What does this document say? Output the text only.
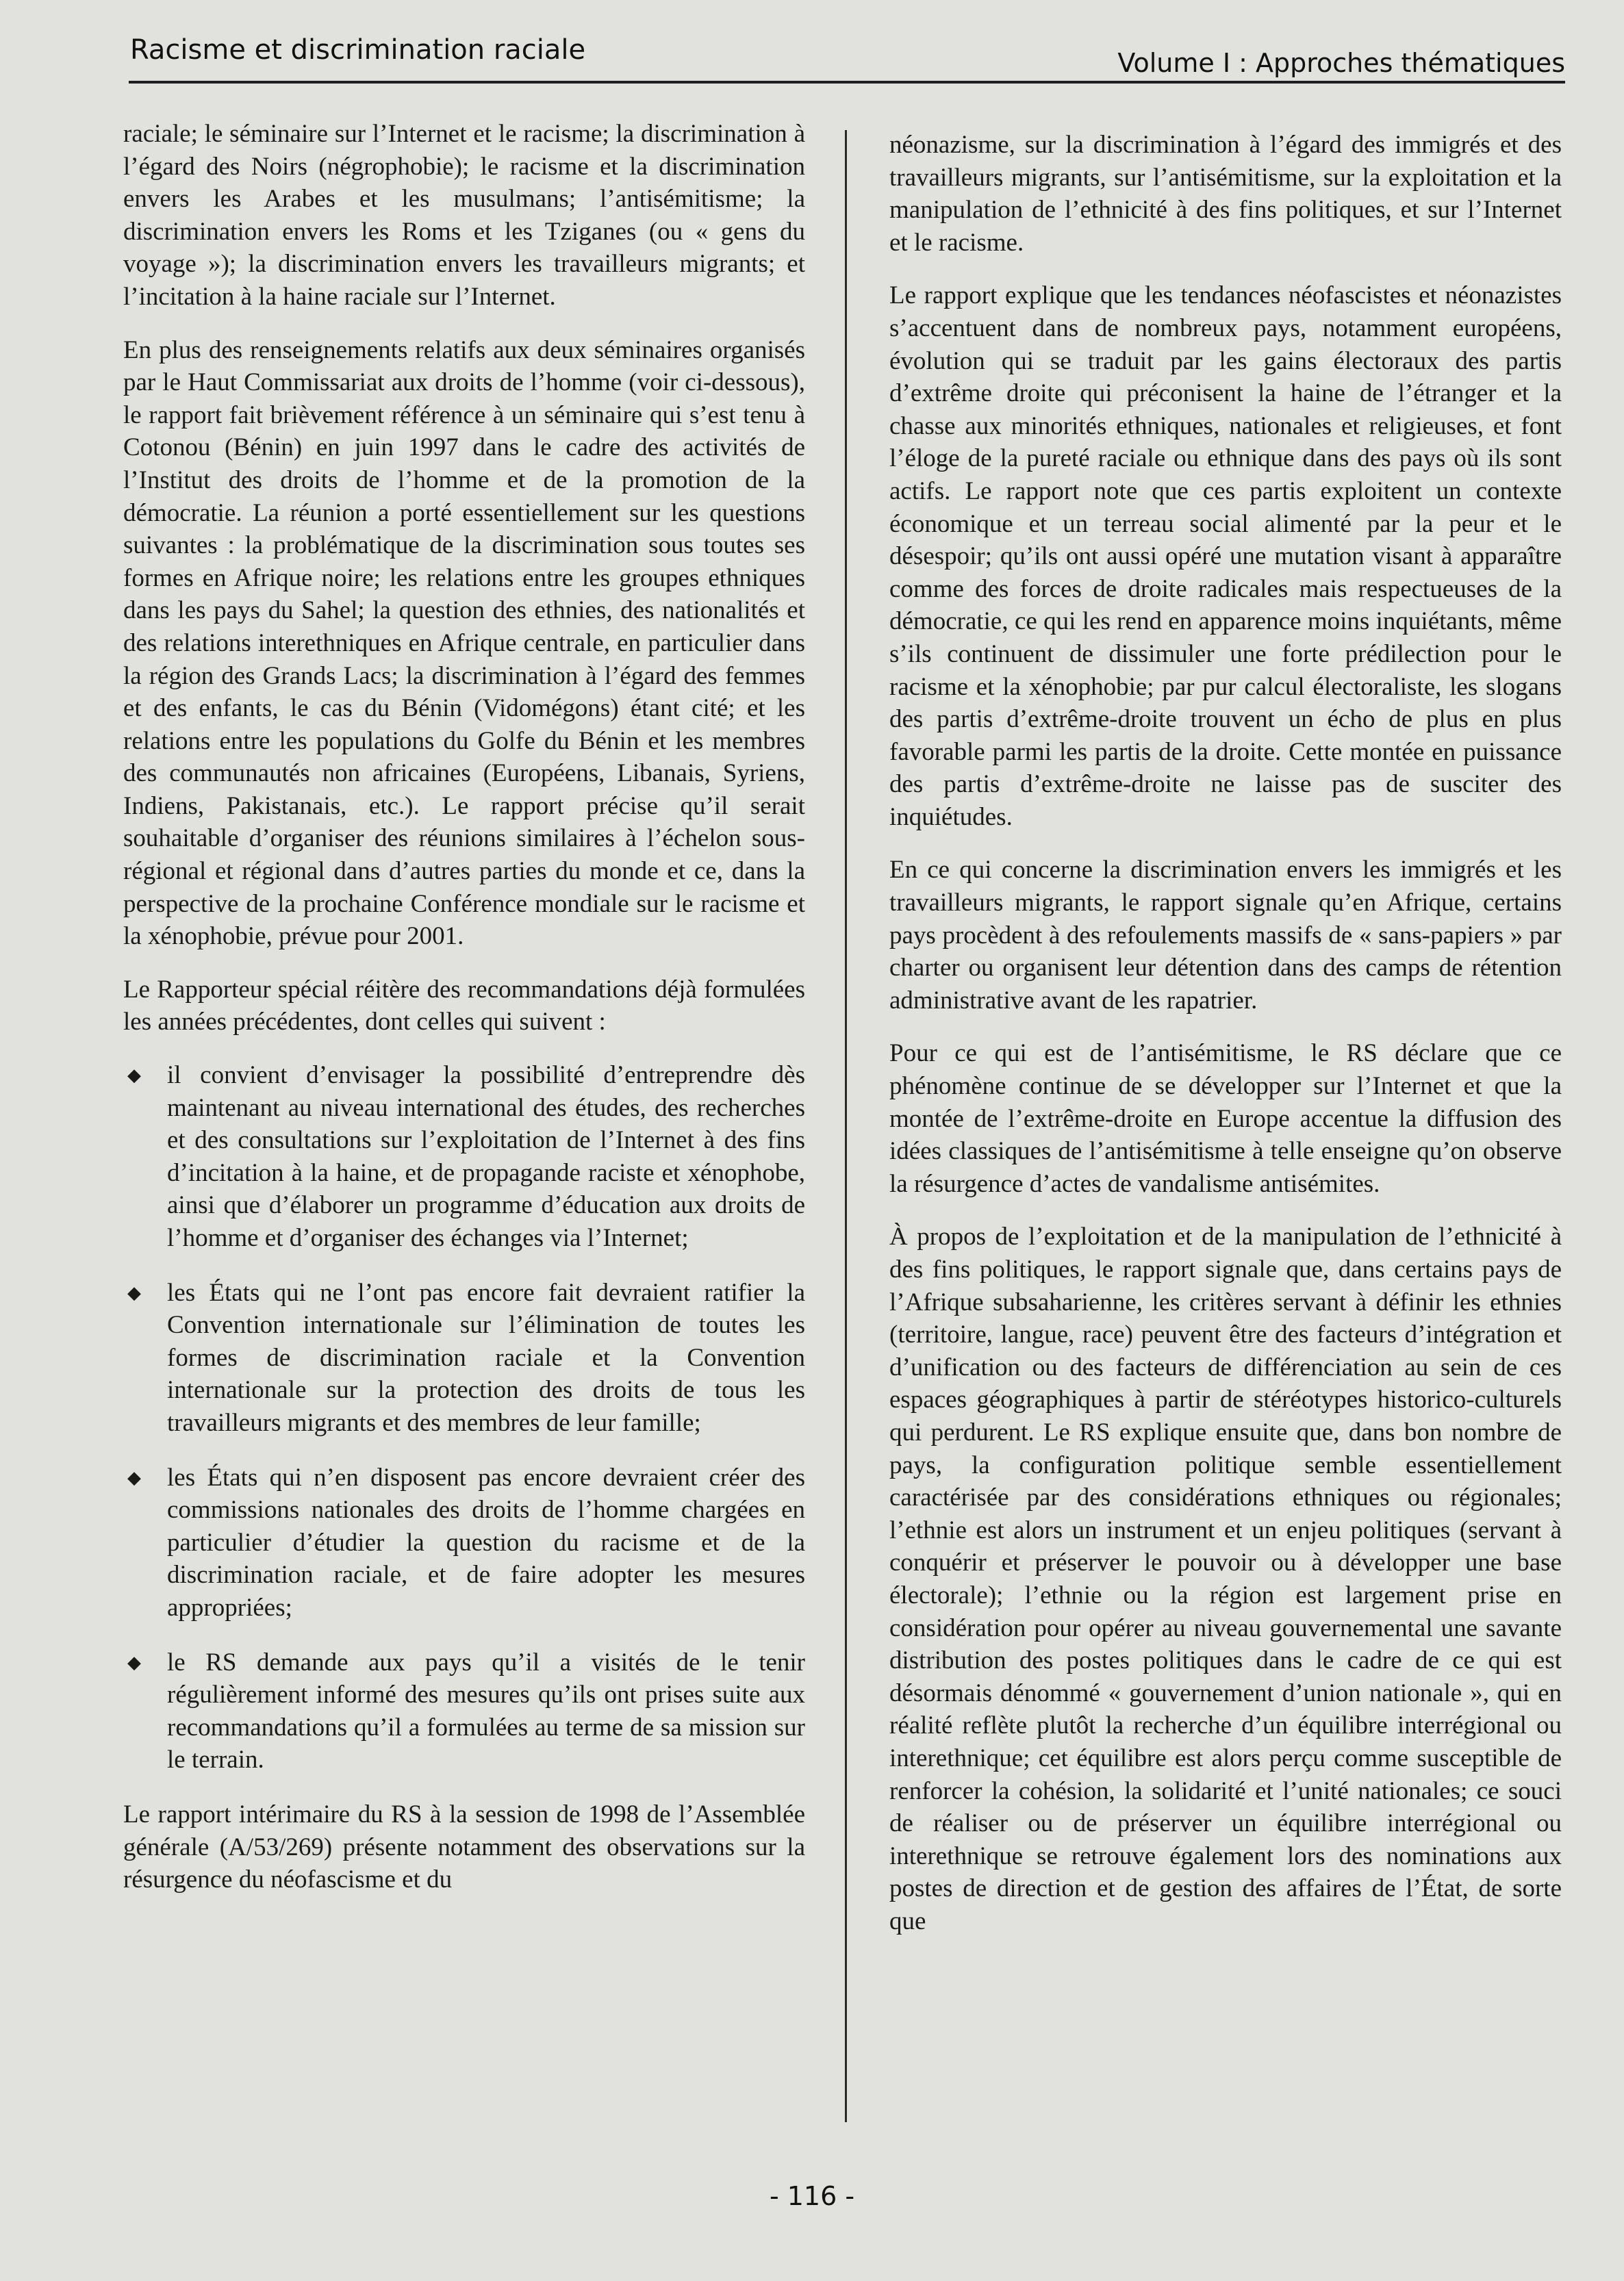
Racisme et discrimination raciale	Volume I : Approches thématiques

raciale; le séminaire sur l’Internet et le racisme; la discrimination à l’égard des Noirs (négrophobie); le racisme et la discrimination envers les Arabes et les musulmans; l’antisémitisme; la discrimination envers les Roms et les Tziganes (ou « gens du voyage »); la discrimination envers les travailleurs migrants; et l’incitation à la haine raciale sur l’Internet.

En plus des renseignements relatifs aux deux séminaires organisés par le Haut Commissariat aux droits de l’homme (voir ci-dessous), le rapport fait brièvement référence à un séminaire qui s’est tenu à Cotonou (Bénin) en juin 1997 dans le cadre des activités de l’Institut des droits de l’homme et de la promotion de la démocratie. La réunion a porté essentiellement sur les questions suivantes : la problématique de la discrimination sous toutes ses formes en Afrique noire; les relations entre les groupes ethniques dans les pays du Sahel; la question des ethnies, des nationalités et des relations interethniques en Afrique centrale, en particulier dans la région des Grands Lacs; la discrimination à l’égard des femmes et des enfants, le cas du Bénin (Vidomégons) étant cité; et les relations entre les populations du Golfe du Bénin et les membres des communautés non africaines (Européens, Libanais, Syriens, Indiens, Pakistanais, etc.). Le rapport précise qu’il serait souhaitable d’organiser des réunions similaires à l’échelon sous-régional et régional dans d’autres parties du monde et ce, dans la perspective de la prochaine Conférence mondiale sur le racisme et la xénophobie, prévue pour 2001.

Le Rapporteur spécial réitère des recommandations déjà formulées les années précédentes, dont celles qui suivent :

◆ il convient d’envisager la possibilité d’entreprendre dès maintenant au niveau international des études, des recherches et des consultations sur l’exploitation de l’Internet à des fins d’incitation à la haine, et de propagande raciste et xénophobe, ainsi que d’élaborer un programme d’éducation aux droits de l’homme et d’organiser des échanges via l’Internet;
◆ les États qui ne l’ont pas encore fait devraient ratifier la Convention internationale sur l’élimination de toutes les formes de discrimination raciale et la Convention internationale sur la protection des droits de tous les travailleurs migrants et des membres de leur famille;
◆ les États qui n’en disposent pas encore devraient créer des commissions nationales des droits de l’homme chargées en particulier d’étudier la question du racisme et de la discrimination raciale, et de faire adopter les mesures appropriées;
◆ le RS demande aux pays qu’il a visités de le tenir régulièrement informé des mesures qu’ils ont prises suite aux recommandations qu’il a formulées au terme de sa mission sur le terrain.

Le rapport intérimaire du RS à la session de 1998 de l’Assemblée générale (A/53/269) présente notamment des observations sur la résurgence du néofascisme et du

néonazisme, sur la discrimination à l’égard des immigrés et des travailleurs migrants, sur l’antisémitisme, sur la exploitation et la manipulation de l’ethnicité à des fins politiques, et sur l’Internet et le racisme.

Le rapport explique que les tendances néofascistes et néonazistes s’accentuent dans de nombreux pays, notamment européens, évolution qui se traduit par les gains électoraux des partis d’extrême droite qui préconisent la haine de l’étranger et la chasse aux minorités ethniques, nationales et religieuses, et font l’éloge de la pureté raciale ou ethnique dans des pays où ils sont actifs. Le rapport note que ces partis exploitent un contexte économique et un terreau social alimenté par la peur et le désespoir; qu’ils ont aussi opéré une mutation visant à apparaître comme des forces de droite radicales mais respectueuses de la démocratie, ce qui les rend en apparence moins inquiétants, même s’ils continuent de dissimuler une forte prédilection pour le racisme et la xénophobie; par pur calcul électoraliste, les slogans des partis d’extrême-droite trouvent un écho de plus en plus favorable parmi les partis de la droite. Cette montée en puissance des partis d’extrême-droite ne laisse pas de susciter des inquiétudes.

En ce qui concerne la discrimination envers les immigrés et les travailleurs migrants, le rapport signale qu’en Afrique, certains pays procèdent à des refoulements massifs de « sans-papiers » par charter ou organisent leur détention dans des camps de rétention administrative avant de les rapatrier.

Pour ce qui est de l’antisémitisme, le RS déclare que ce phénomène continue de se développer sur l’Internet et que la montée de l’extrême-droite en Europe accentue la diffusion des idées classiques de l’antisémitisme à telle enseigne qu’on observe la résurgence d’actes de vandalisme antisémites.

À propos de l’exploitation et de la manipulation de l’ethnicité à des fins politiques, le rapport signale que, dans certains pays de l’Afrique subsaharienne, les critères servant à définir les ethnies (territoire, langue, race) peuvent être des facteurs d’intégration et d’unification ou des facteurs de différenciation au sein de ces espaces géographiques à partir de stéréotypes historico-culturels qui perdurent. Le RS explique ensuite que, dans bon nombre de pays, la configuration politique semble essentiellement caractérisée par des considérations ethniques ou régionales; l’ethnie est alors un instrument et un enjeu politiques (servant à conquérir et préserver le pouvoir ou à développer une base électorale); l’ethnie ou la région est largement prise en considération pour opérer au niveau gouvernemental une savante distribution des postes politiques dans le cadre de ce qui est désormais dénommé « gouvernement d’union nationale », qui en réalité reflète plutôt la recherche d’un équilibre interrégional ou interethnique; cet équilibre est alors perçu comme susceptible de renforcer la cohésion, la solidarité et l’unité nationales; ce souci de réaliser ou de préserver un équilibre interrégional ou interethnique se retrouve également lors des nominations aux postes de direction et de gestion des affaires de l’État, de sorte que

- 116 -
